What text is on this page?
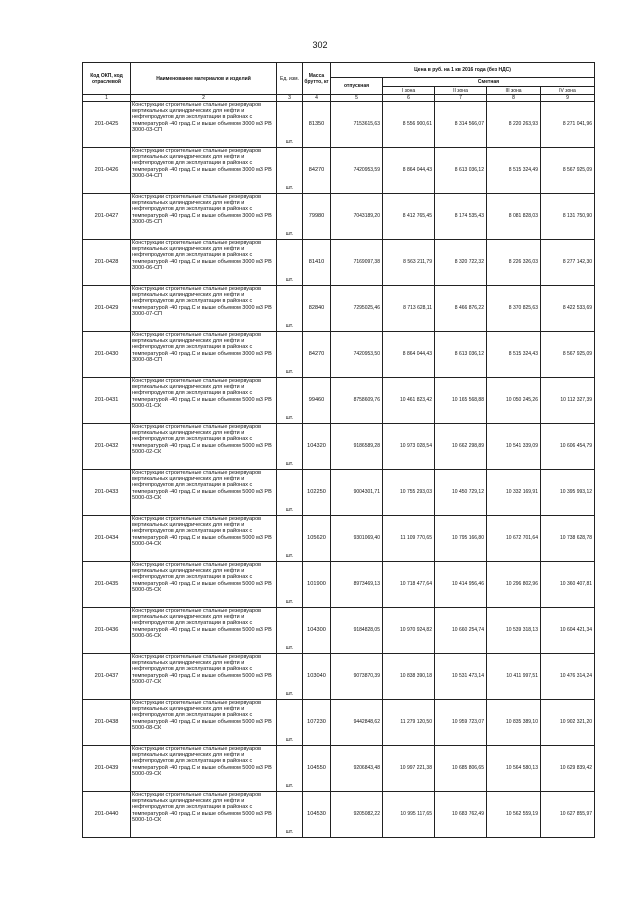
302
Код ОКП, код отраслевой	Наименование материалов и изделий	Ед. изм.	Масса брутто, кг	Цена в руб. на 1 кв 2016 года (без НДС)				
				отпускная	Сметная			
					I зона	II зона	III зона	IV зона
1	2	3	4	5	6	7	8	9
201-0425	Конструкции строительные стальные резервуаров вертикальных цилиндрических для нефти и нефтепродуктов для эксплуатации в районах с температурой -40 град.С и выше объемом 3000 м3 РВ 3000-03-СП	шт.	81350	7153615,63	8 556 900,61	8 314 566,07	8 220 263,93	8 271 041,96
201-0426	Конструкции строительные стальные резервуаров вертикальных цилиндрических для нефти и нефтепродуктов для эксплуатации в районах с температурой -40 град.С и выше объемом 3000 м3 РВ 3000-04-СП	шт.	84270	7420953,59	8 864 044,43	8 613 036,12	8 515 324,49	8 567 925,09
201-0427	Конструкции строительные стальные резервуаров вертикальных цилиндрических для нефти и нефтепродуктов для эксплуатации в районах с температурой -40 град.С и выше объемом 3000 м3 РВ 3000-05-СП	шт.	79980	7043189,20	8 412 765,45	8 174 535,43	8 081 828,03	8 131 750,90
201-0428	Конструкции строительные стальные резервуаров вертикальных цилиндрических для нефти и нефтепродуктов для эксплуатации в районах с температурой -40 град.С и выше объемом 3000 м3 РВ 3000-06-СП	шт.	81410	7169097,38	8 563 211,79	8 320 722,32	8 226 326,03	8 277 142,30
201-0429	Конструкции строительные стальные резервуаров вертикальных цилиндрических для нефти и нефтепродуктов для эксплуатации в районах с температурой -40 град.С и выше объемом 3000 м3 РВ 3000-07-СП	шт.	82840	7295025,46	8 713 628,11	8 466 876,22	8 370 825,63	8 422 533,69
201-0430	Конструкции строительные стальные резервуаров вертикальных цилиндрических для нефти и нефтепродуктов для эксплуатации в районах с температурой -40 град.С и выше объемом 3000 м3 РВ 3000-08-СП	шт.	84270	7420953,50	8 864 044,43	8 613 036,12	8 515 324,43	8 567 925,09
201-0431	Конструкции строительные стальные резервуаров вертикальных цилиндрических для нефти и нефтепродуктов для эксплуатации в районах с температурой -40 град.С и выше объемом 5000 м3 РВ 5000-01-СК	шт.	99460	8758609,76	10 461 823,42	10 165 568,88	10 050 245,26	10 112 327,39
201-0432	Конструкции строительные стальные резервуаров вертикальных цилиндрических для нефти и нефтепродуктов для эксплуатации в районах с температурой -40 град.С и выше объемом 5000 м3 РВ 5000-02-СК	шт.	104320	9186589,28	10 973 028,54	10 662 298,89	10 541 339,09	10 606 454,79
201-0433	Конструкции строительные стальные резервуаров вертикальных цилиндрических для нефти и нефтепродуктов для эксплуатации в районах с температурой -40 град.С и выше объемом 5000 м3 РВ 5000-03-СК	шт.	102250	9004301,71	10 755 293,03	10 450 729,12	10 332 169,91	10 395 993,12
201-0434	Конструкции строительные стальные резервуаров вертикальных цилиндрических для нефти и нефтепродуктов для эксплуатации в районах с температурой -40 град.С и выше объемом 5000 м3 РВ 5000-04-СК	шт.	105620	9301069,40	11 109 770,65	10 795 166,80	10 672 701,64	10 738 628,78
201-0435	Конструкции строительные стальные резервуаров вертикальных цилиндрических для нефти и нефтепродуктов для эксплуатации в районах с температурой -40 град.С и выше объемом 5000 м3 РВ 5000-05-СК	шт.	101900	8973469,13	10 718 477,64	10 414 956,46	10 296 802,96	10 360 407,81
201-0436	Конструкции строительные стальные резервуаров вертикальных цилиндрических для нефти и нефтепродуктов для эксплуатации в районах с температурой -40 град.С и выше объемом 5000 м3 РВ 5000-06-СК	шт.	104300	9184828,05	10 970 924,82	10 660 254,74	10 539 318,13	10 604 421,34
201-0437	Конструкции строительные стальные резервуаров вертикальных цилиндрических для нефти и нефтепродуктов для эксплуатации в районах с температурой -40 град.С и выше объемом 5000 м3 РВ 5000-07-СК	шт.	103040	9073870,39	10 838 390,18	10 531 473,14	10 411 997,51	10 476 314,24
201-0438	Конструкции строительные стальные резервуаров вертикальных цилиндрических для нефти и нефтепродуктов для эксплуатации в районах с температурой -40 град.С и выше объемом 5000 м3 РВ 5000-08-СК	шт.	107230	9442848,62	11 279 120,50	10 959 723,07	10 835 389,10	10 902 321,20
201-0439	Конструкции строительные стальные резервуаров вертикальных цилиндрических для нефти и нефтепродуктов для эксплуатации в районах с температурой -40 град.С и выше объемом 5000 м3 РВ 5000-09-СК	шт.	104550	9206843,48	10 997 221,38	10 685 806,65	10 564 580,13	10 629 839,42
201-0440	Конструкции строительные стальные резервуаров вертикальных цилиндрических для нефти и нефтепродуктов для эксплуатации в районах с температурой -40 град.С и выше объемом 5000 м3 РВ 5000-10-СК	шт.	104530	9205082,22	10 995 117,65	10 683 762,49	10 562 559,19	10 627 855,97
